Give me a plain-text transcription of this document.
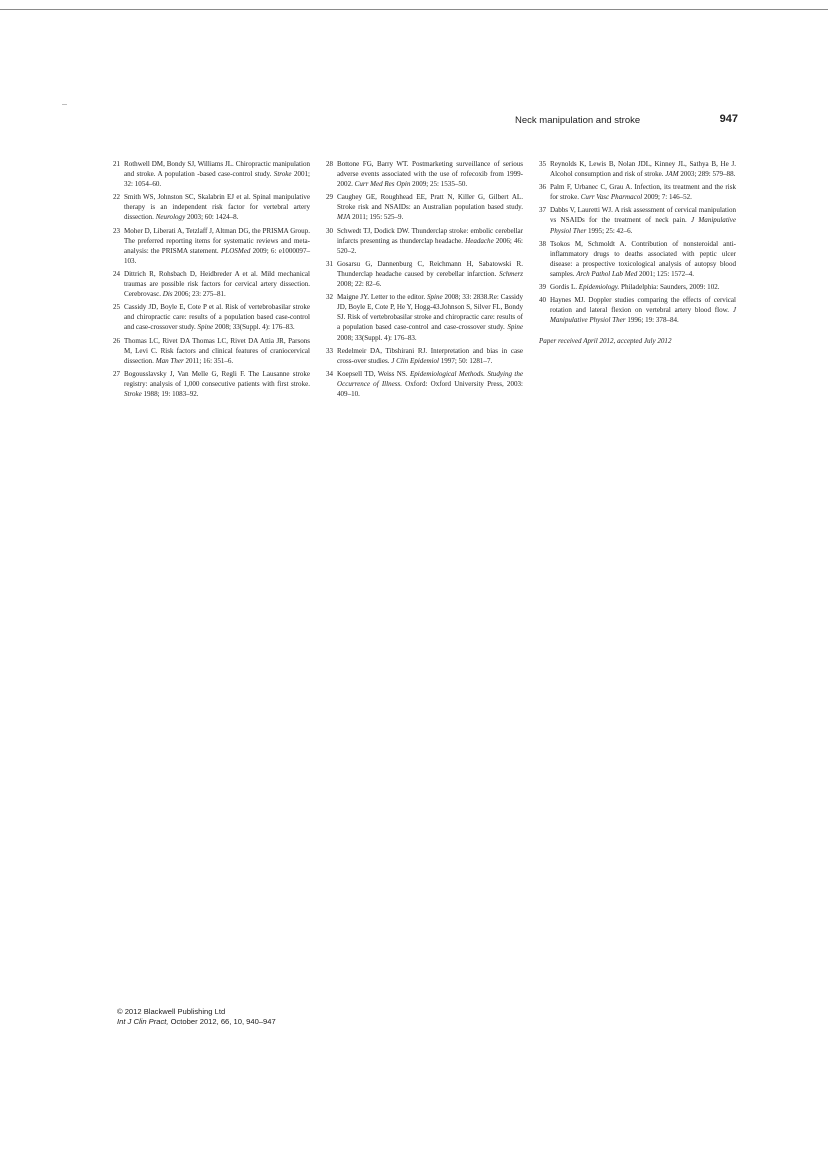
Neck manipulation and stroke	947
21 Rothwell DM, Bondy SJ, Williams JL. Chiropractic manipulation and stroke. A population -based case-control study. Stroke 2001; 32: 1054–60.
22 Smith WS, Johnston SC, Skalabrin EJ et al. Spinal manipulative therapy is an independent risk factor for vertebral artery dissection. Neurology 2003; 60: 1424–8.
23 Moher D, Liberati A, Tetzlaff J, Altman DG, the PRISMA Group. The preferred reporting items for systematic reviews and meta-analysis: the PRISMA statement. PLOSMed 2009; 6: e1000097–103.
24 Dittrich R, Rohsbach D, Heidbreder A et al. Mild mechanical traumas are possible risk factors for cervical artery dissection. Cerebrovasc. Dis 2006; 23: 275–81.
25 Cassidy JD, Boyle E, Cote P et al. Risk of vertebrobasilar stroke and chiropractic care: results of a population based case-control and case-crossover study. Spine 2008; 33(Suppl. 4): 176–83.
26 Thomas LC, Rivet DA Thomas LC, Rivet DA Attia JR, Parsons M, Levi C. Risk factors and clinical features of craniocervical dissection. Man Ther 2011; 16: 351–6.
27 Bogousslavsky J, Van Melle G, Regli F. The Lausanne stroke registry: analysis of 1,000 consecutive patients with first stroke. Stroke 1988; 19: 1083–92.
28 Bottone FG, Barry WT. Postmarketing surveillance of serious adverse events associated with the use of rofecoxib from 1999-2002. Curr Med Res Opin 2009; 25: 1535–50.
29 Caughey GE, Roughhead EE, Pratt N, Killer G, Gilbert AL. Stroke risk and NSAIDs: an Australian population based study. MJA 2011; 195: 525–9.
30 Schwedt TJ, Dodick DW. Thunderclap stroke: embolic cerebellar infarcts presenting as thunderclap headache. Headache 2006; 46: 520–2.
31 Gosarsu G, Dannenburg C, Reichmann H, Sabatowski R. Thunderclap headache caused by cerebellar infarction. Schmerz 2008; 22: 82–6.
32 Maigne JY. Letter to the editor. Spine 2008; 33: 2838.Re: Cassidy JD, Boyle E, Cote P, He Y, Hogg-43.Johnson S, Silver FL, Bondy SJ. Risk of vertebrobasilar stroke and chiropractic care: results of a population based case-control and case-crossover study. Spine 2008; 33(Suppl. 4): 176–83.
33 Redelmeir DA, Tibshirani RJ. Interpretation and bias in case cross-over studies. J Clin Epidemiol 1997; 50: 1281–7.
34 Koepsell TD, Weiss NS. Epidemiological Methods. Studying the Occurrence of Illness. Oxford: Oxford University Press, 2003: 409–10.
35 Reynolds K, Lewis B, Nolan JDL, Kinney JL, Sathya B, He J. Alcohol consumption and risk of stroke. JAM 2003; 289: 579–88.
36 Palm F, Urbanec C, Grau A. Infection, its treatment and the risk for stroke. Curr Vasc Pharmacol 2009; 7: 146–52.
37 Dabbs V, Lauretti WJ. A risk assessment of cervical manipulation vs NSAIDs for the treatment of neck pain. J Manipulative Physiol Ther 1995; 25: 42–6.
38 Tsokos M, Schmoldt A. Contribution of nonsteroidal anti-inflammatory drugs to deaths associated with peptic ulcer disease: a prospective toxicological analysis of autopsy blood samples. Arch Pathol Lab Med 2001; 125: 1572–4.
39 Gordis L. Epidemiology. Philadelphia: Saunders, 2009: 102.
40 Haynes MJ. Doppler studies comparing the effects of cervical rotation and lateral flexion on vertebral artery blood flow. J Manipulative Physiol Ther 1996; 19: 378–84.
Paper received April 2012, accepted July 2012
© 2012 Blackwell Publishing Ltd
Int J Clin Pract, October 2012, 66, 10, 940–947
